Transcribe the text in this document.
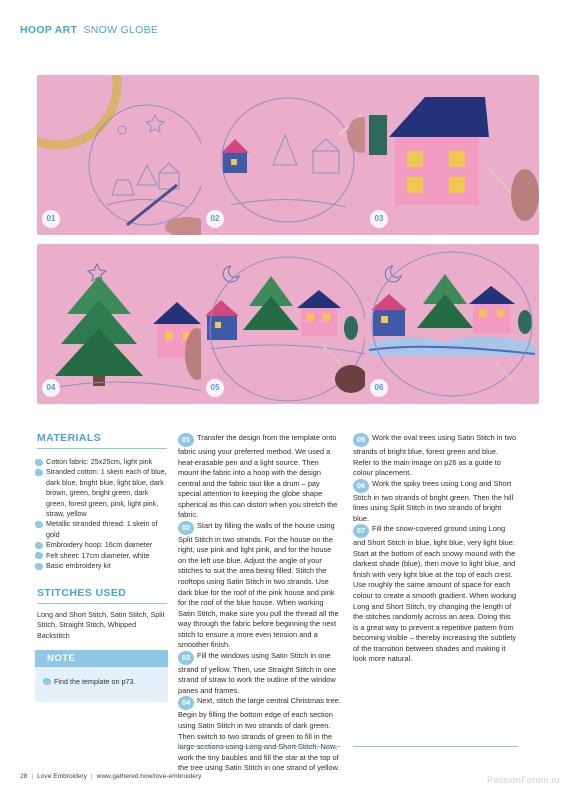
HOOP ART SNOW GLOBE
01	02	03
04	05	06
MATERIALS
Cotton fabric: 25x25cm, light pink
Stranded cotton: 1 skein each of blue, dark blue, bright blue, light blue, dark brown, green, bright green, dark green, forest green, pink, light pink, straw, yellow
Metallic stranded thread: 1 skein of gold
Embroidery hoop: 16cm diameter
Felt sheet: 17cm diameter, white
Basic embroidery kit
STITCHES USED
Long and Short Stitch, Satin Stitch, Split Stitch, Straight Stitch, Whipped Backstitch
NOTE
Find the template on p73.

01 Transfer the design from the template onto fabric using your preferred method. We used a heat-erasable pen and a light source. Then mount the fabric into a hoop with the design central and the fabric taut like a drum – pay special attention to keeping the globe shape spherical as this can distort when you stretch the fabric.

02 Start by filling the walls of the house using Split Stitch in two strands. For the house on the right, use pink and light pink, and for the house on the left use blue. Adjust the angle of your stitches to suit the area being filled. Stitch the rooftops using Satin Stitch in two strands. Use dark blue for the roof of the pink house and pink for the roof of the blue house. When working Satin Stitch, make sure you pull the thread all the way through the fabric before beginning the next stitch to ensure a more even tension and a smoother finish.

03 Fill the windows using Satin Stitch in one strand of yellow. Then, use Straight Stitch in one strand of straw to work the outline of the window panes and frames.

04 Next, stitch the large central Christmas tree. Begin by filling the bottom edge of each section using Satin Stitch in two strands of dark green. Then switch to two strands of green to fill in the work the tiny baubles and fill the star at the top of the tree using Satin Stitch in one strand of yellow.

05 Work the oval trees using Satin Stitch in two strands of bright blue, forest green and blue. Refer to the main image on p26 as a guide to colour placement.

06 Work the spiky trees using Long and Short Stitch in two strands of bright green. Then the hill lines using Split Stitch in two strands of bright blue.

07 Fill the snow-covered ground using Long and Short Stitch in blue, light blue, very light blue. Start at the bottom of each snowy mound with the darkest shade (blue), then move to light blue, and finish with very light blue at the top of each crest. Use roughly the same amount of space for each colour to create a smooth gradient. When working Long and Short Stitch, try changing the length of the stitches randomly across an area. Doing this is a great way to prevent a repetitive pattern from becoming visible – thereby increasing the subtlety of the transition between shades and making it look more natural.

28 | Love Embroidery | www.gathered.how/love-embroidery	PassionForum.ru
